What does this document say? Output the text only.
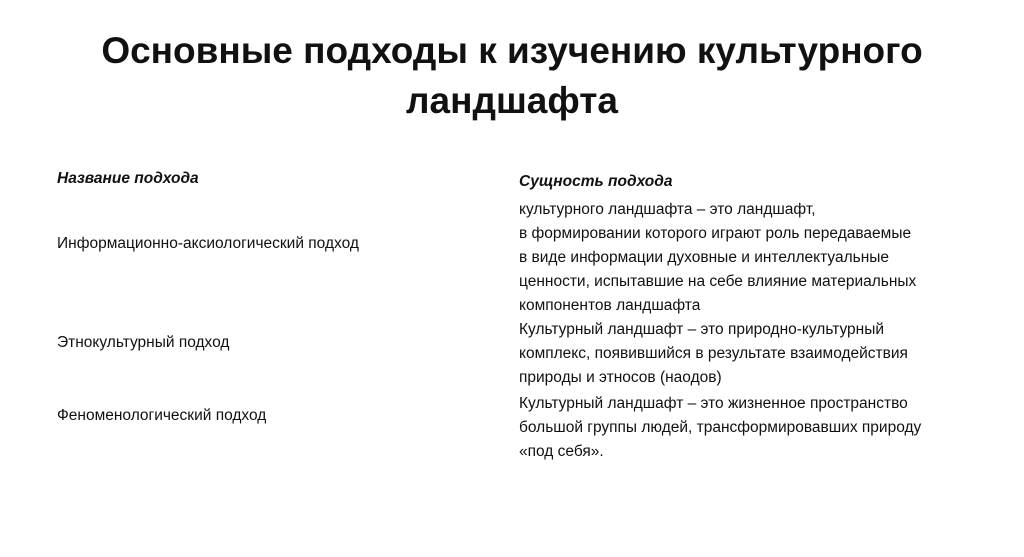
Основные подходы к изучению культурного
ландшафта
Название подхода	Сущность подхода
Информационно-аксиологический подход
культурного ландшафта – это ландшафт,
в формировании которого играют роль передаваемые
в виде информации духовные и интеллектуальные
ценности, испытавшие на себе влияние материальных
компонентов ландшафта
Этнокультурный подход
Культурный ландшафт – это природно-культурный
комплекс, появившийся в результате взаимодействия
природы и этносов (наодов)
Феноменологический подход
Культурный ландшафт – это жизненное пространство
большой группы людей, трансформировавших природу
«под себя».
